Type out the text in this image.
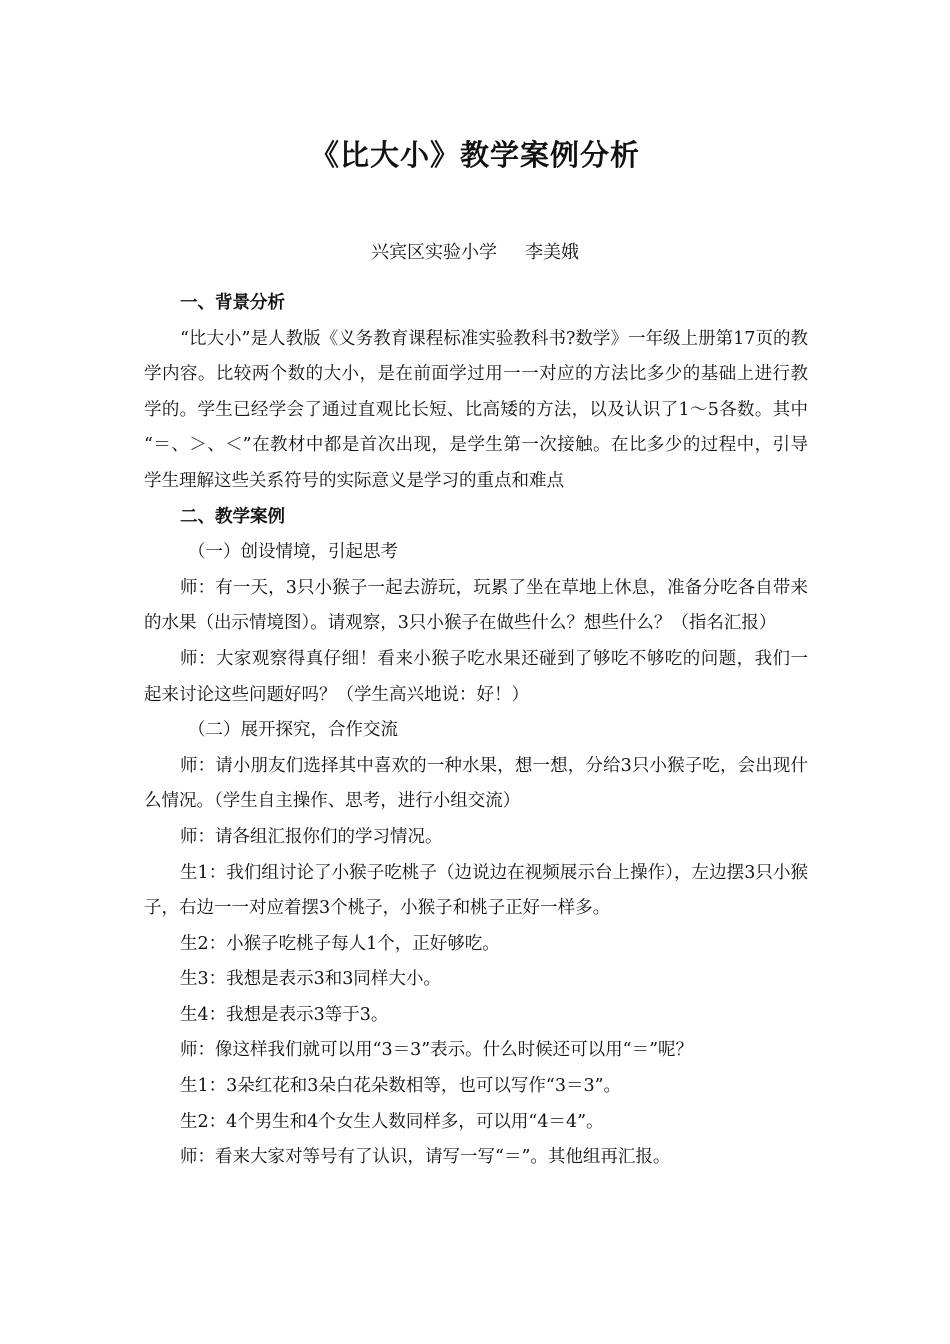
《比大小》教学案例分析
兴宾区实验小学 李美娥

一、背景分析

“比大小”是人教版《义务教育课程标准实验教科书?数学》一年级上册第17页的教学内容。比较两个数的大小，是在前面学过用一一对应的方法比多少的基础上进行教学的。学生已经学会了通过直观比长短、比高矮的方法，以及认识了1～5各数。其中 “＝、＞、＜”在教材中都是首次出现，是学生第一次接触。在比多少的过程中，引导学生理解这些关系符号的实际意义是学习的重点和难点

二、教学案例

（一）创设情境，引起思考

师：有一天，3只小猴子一起去游玩，玩累了坐在草地上休息，准备分吃各自带来的水果（出示情境图）。请观察，3只小猴子在做些什么？想些什么？（指名汇报）

师：大家观察得真仔细！看来小猴子吃水果还碰到了够吃不够吃的问题，我们一起来讨论这些问题好吗？（学生高兴地说：好！）

（二）展开探究，合作交流

师：请小朋友们选择其中喜欢的一种水果，想一想，分给3只小猴子吃，会出现什么情况。（学生自主操作、思考，进行小组交流）

师：请各组汇报你们的学习情况。

生1：我们组讨论了小猴子吃桃子（边说边在视频展示台上操作），左边摆3只小猴子，右边一一对应着摆3个桃子，小猴子和桃子正好一样多。

生2：小猴子吃桃子每人1个，正好够吃。

生3：我想是表示3和3同样大小。

生4：我想是表示3等于3。

师：像这样我们就可以用“3＝3”表示。什么时候还可以用“＝”呢？

生1：3朵红花和3朵白花朵数相等，也可以写作“3＝3”。

生2：4个男生和4个女生人数同样多，可以用“4＝4”。

师：看来大家对等号有了认识，请写一写“＝”。其他组再汇报。
